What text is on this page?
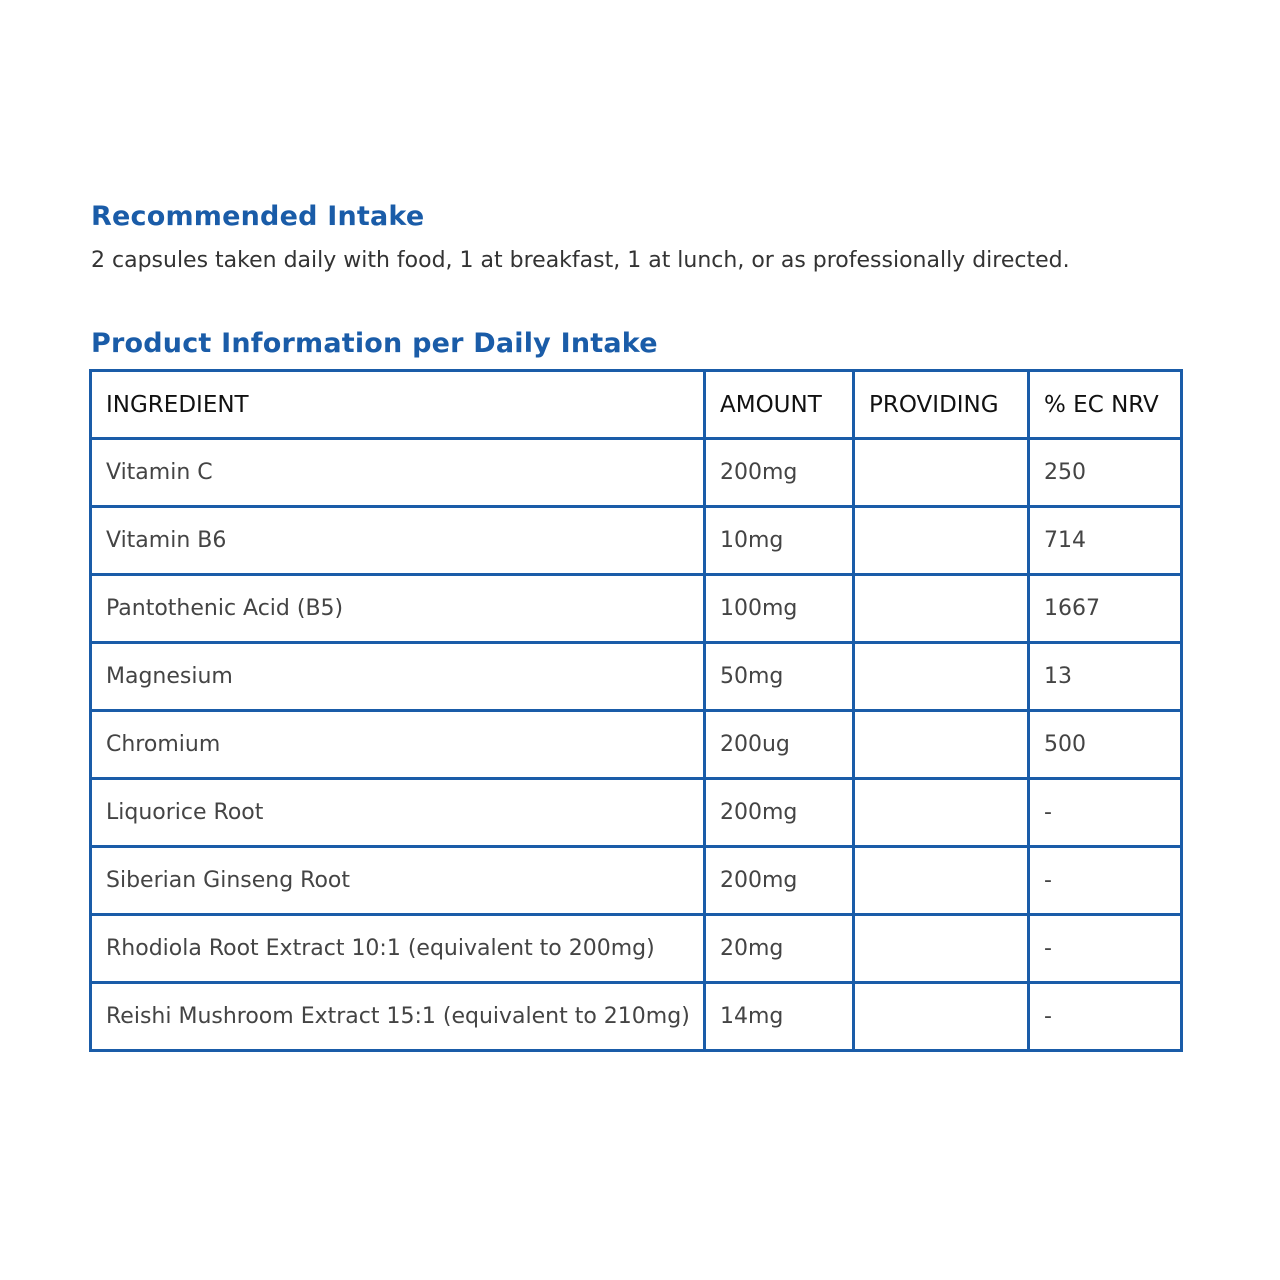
Recommended Intake

2 capsules taken daily with food, 1 at breakfast, 1 at lunch, or as professionally directed.

Product Information per Daily Intake
INGREDIENT	AMOUNT	PROVIDING	% EC NRV
Vitamin C	200mg		250
Vitamin B6	10mg		714
Pantothenic Acid (B5)	100mg		1667
Magnesium	50mg		13
Chromium	200ug		500
Liquorice Root	200mg		-
Siberian Ginseng Root	200mg		-
Rhodiola Root Extract 10:1 (equivalent to 200mg)	20mg		-
Reishi Mushroom Extract 15:1 (equivalent to 210mg)	14mg		-
